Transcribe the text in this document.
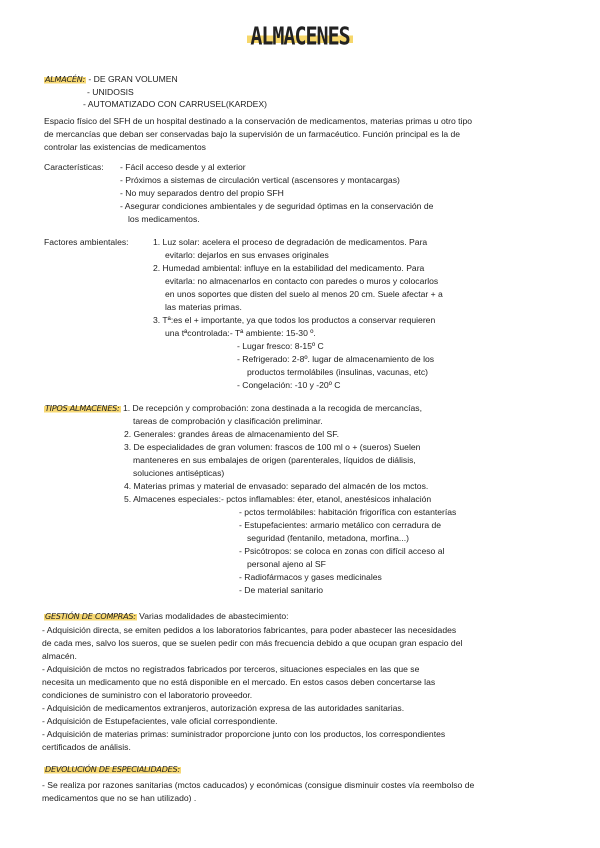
ALMACENES
ALMACÉN: - DE GRAN VOLUMEN
- UNIDOSIS
- AUTOMATIZADO CON CARRUSEL(KARDEX)
Espacio físico del SFH de un hospital destinado a la conservación de medicamentos, materias primas u otro tipo
de mercancías que deban ser conservadas bajo la supervisión de un farmacéutico. Función principal es la de
controlar las existencias de medicamentos
Características: - Fácil acceso desde y al exterior
- Próximos a sistemas de circulación vertical (ascensores y montacargas)
- No muy separados dentro del propio SFH
- Asegurar condiciones ambientales y de seguridad óptimas en la conservación de
los medicamentos.
Factores ambientales:	1. Luz solar: acelera el proceso de degradación de medicamentos. Para
evitarlo: dejarlos en sus envases originales
2. Humedad ambiental: influye en la estabilidad del medicamento. Para
evitarla: no almacenarlos en contacto con paredes o muros y colocarlos
en unos soportes que disten del suelo al menos 20 cm. Suele afectar + a
las materias primas.
3. Tª:es el + importante, ya que todos los productos a conservar requieren
una tªcontrolada:- Tª ambiente: 15-30 º.
- Lugar fresco: 8-15º C
- Refrigerado: 2-8º. lugar de almacenamiento de los
productos termolábiles (insulinas, vacunas, etc)
- Congelación: -10 y -20º C
TIPOS ALMACENES: 1. De recepción y comprobación: zona destinada a la recogida de mercancías,
tareas de comprobación y clasificación preliminar.
2. Generales: grandes áreas de almacenamiento del SF.
3. De especialidades de gran volumen: frascos de 100 ml o + (sueros) Suelen
manteneres en sus embalajes de origen (parenterales, líquidos de diálisis,
soluciones antisépticas)
4. Materias primas y material de envasado: separado del almacén de los mctos.
5. Almacenes especiales:- pctos inflamables: éter, etanol, anestésicos inhalación
- pctos termolábiles: habitación frigorífica con estanterías
- Estupefacientes: armario metálico con cerradura de
seguridad (fentanilo, metadona, morfina...)
- Psicótropos: se coloca en zonas con difícil acceso al
personal ajeno al SF
- Radiofármacos y gases medicinales
- De material sanitario
GESTIÓN DE COMPRAS: Varias modalidades de abastecimiento:
- Adquisición directa, se emiten pedidos a los laboratorios fabricantes, para poder abastecer las necesidades
de cada mes, salvo los sueros, que se suelen pedir con más frecuencia debido a que ocupan gran espacio del
almacén.
- Adquisición de mctos no registrados fabricados por terceros, situaciones especiales en las que se
necesita un medicamento que no está disponible en el mercado. En estos casos deben concertarse las
condiciones de suministro con el laboratorio proveedor.
- Adquisición de medicamentos extranjeros, autorización expresa de las autoridades sanitarias.
- Adquisición de Estupefacientes, vale oficial correspondiente.
- Adquisición de materias primas: suministrador proporcione junto con los productos, los correspondientes
certificados de análisis.
DEVOLUCIÓN DE ESPECIALIDADES:
- Se realiza por razones sanitarias (mctos caducados) y económicas (consigue disminuir costes vía reembolso de
medicamentos que no se han utilizado) .
